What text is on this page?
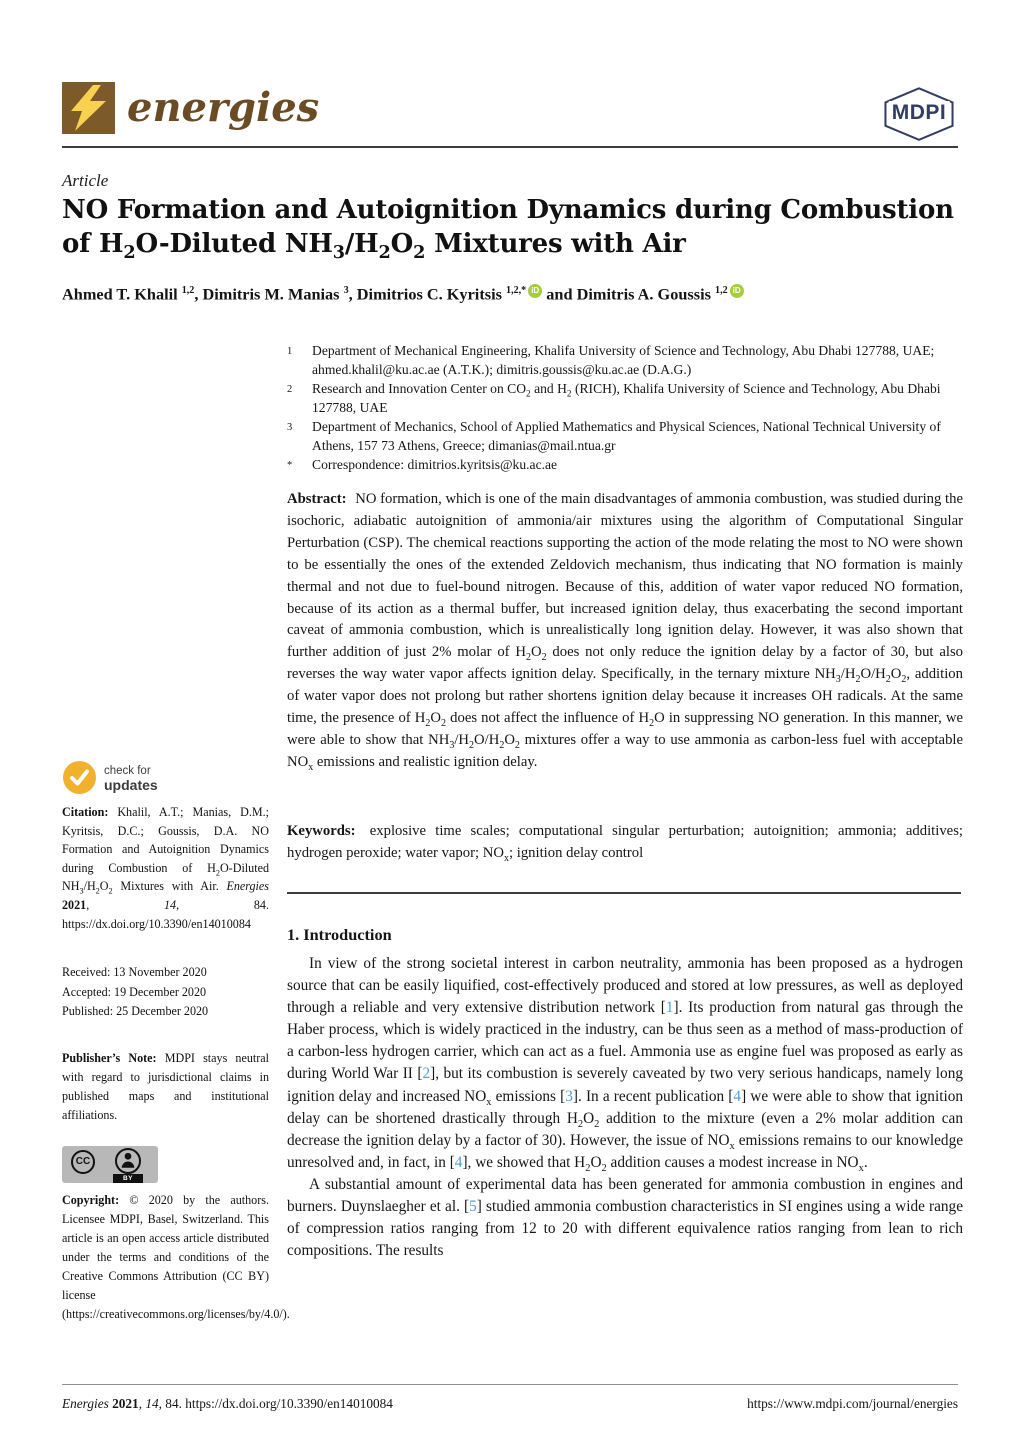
energies	MDPI
Article
NO Formation and Autoignition Dynamics during Combustion
of $H_2O$-Diluted $NH_3/H_2O_2$ Mixtures with Air
Ahmed T. Khalil $^{1,2}$, Dimitris M. Manias $^3$, Dimitrios C. Kyritsis $^{1,2,*}$ iD and Dimitris A. Goussis $^{1,2}$ iD
1	Department of Mechanical Engineering, Khalifa University of Science and Technology, Abu Dhabi 127788, UAE; ahmed.khalil@ku.ac.ae (A.T.K.); dimitris.goussis@ku.ac.ae (D.A.G.)
2	Research and Innovation Center on $CO_2$ and $H_2$ (RICH), Khalifa University of Science and Technology, Abu Dhabi 127788, UAE
3	Department of Mechanics, School of Applied Mathematics and Physical Sciences, National Technical University of Athens, 157 73 Athens, Greece; dimanias@mail.ntua.gr
*	Correspondence: dimitrios.kyritsis@ku.ac.ae
Abstract: NO formation, which is one of the main disadvantages of ammonia combustion, was studied during the isochoric, adiabatic autoignition of ammonia/air mixtures using the algorithm of Computational Singular Perturbation (CSP). The chemical reactions supporting the action of the mode relating the most to NO were shown to be essentially the ones of the extended Zeldovich mechanism, thus indicating that NO formation is mainly thermal and not due to fuel-bound nitrogen. Because of this, addition of water vapor reduced NO formation, because of its action as a thermal buffer, but increased ignition delay, thus exacerbating the second important caveat of ammonia combustion, which is unrealistically long ignition delay. However, it was also shown that further addition of just 2% molar of $H_2O_2$ does not only reduce the ignition delay by a factor of 30, but also reverses the way water vapor affects ignition delay. Specifically, in the ternary mixture $NH_3/H_2O/H_2O_2$, addition of water vapor does not prolong but rather shortens ignition delay because it increases OH radicals. At the same time, the presence of $H_2O_2$ does not affect the influence of $H_2O$ in suppressing NO generation. In this manner, we were able to show that $NH_3/H_2O/H_2O_2$ mixtures offer a way to use ammonia as carbon-less fuel with acceptable $NO_x$ emissions and realistic ignition delay.
Keywords: explosive time scales; computational singular perturbation; autoignition; ammonia; additives; hydrogen peroxide; water vapor; $NO_x$; ignition delay control
1. Introduction

In view of the strong societal interest in carbon neutrality, ammonia has been proposed as a hydrogen source that can be easily liquified, cost-effectively produced and stored at low pressures, as well as deployed through a reliable and very extensive distribution network [1]. Its production from natural gas through the Haber process, which is widely practiced in the industry, can be thus seen as a method of mass-production of a carbon-less hydrogen carrier, which can act as a fuel. Ammonia use as engine fuel was proposed as early as during World War II [2], but its combustion is severely caveated by two very serious handicaps, namely long ignition delay and increased $NO_x$ emissions [3]. In a recent publication [4] we were able to show that ignition delay can be shortened drastically through $H_2O_2$ addition to the mixture (even a 2% molar addition can decrease the ignition delay by a factor of 30). However, the issue of $NO_x$ emissions remains to our knowledge unresolved and, in fact, in [4], we showed that $H_2O_2$ addition causes a modest increase in $NO_x$.

A substantial amount of experimental data has been generated for ammonia combustion in engines and burners. Duynslaegher et al. [5] studied ammonia combustion characteristics in SI engines using a wide range of compression ratios ranging from 12 to 20 with different equivalence ratios ranging from lean to rich compositions. The results

check for
updates
Citation: Khalil, A.T.; Manias, D.M.; Kyritsis, D.C.; Goussis, D.A. NO Formation and Autoignition Dynamics during Combustion of $H_2O$-Diluted $NH_3/H_2O_2$ Mixtures with Air. Energies 2021, 14, 84. https://dx.doi.org/10.3390/en14010084
Received: 13 November 2020
Accepted: 19 December 2020
Published: 25 December 2020
Publisher’s Note: MDPI stays neutral with regard to jurisdictional claims in published maps and institutional affiliations.
CC
BY
Copyright: © 2020 by the authors. Licensee MDPI, Basel, Switzerland. This article is an open access article distributed under the terms and conditions of the Creative Commons Attribution (CC BY) license (https://creativecommons.org/licenses/by/4.0/).
Energies 2021, 14, 84. https://dx.doi.org/10.3390/en14010084	https://www.mdpi.com/journal/energies
